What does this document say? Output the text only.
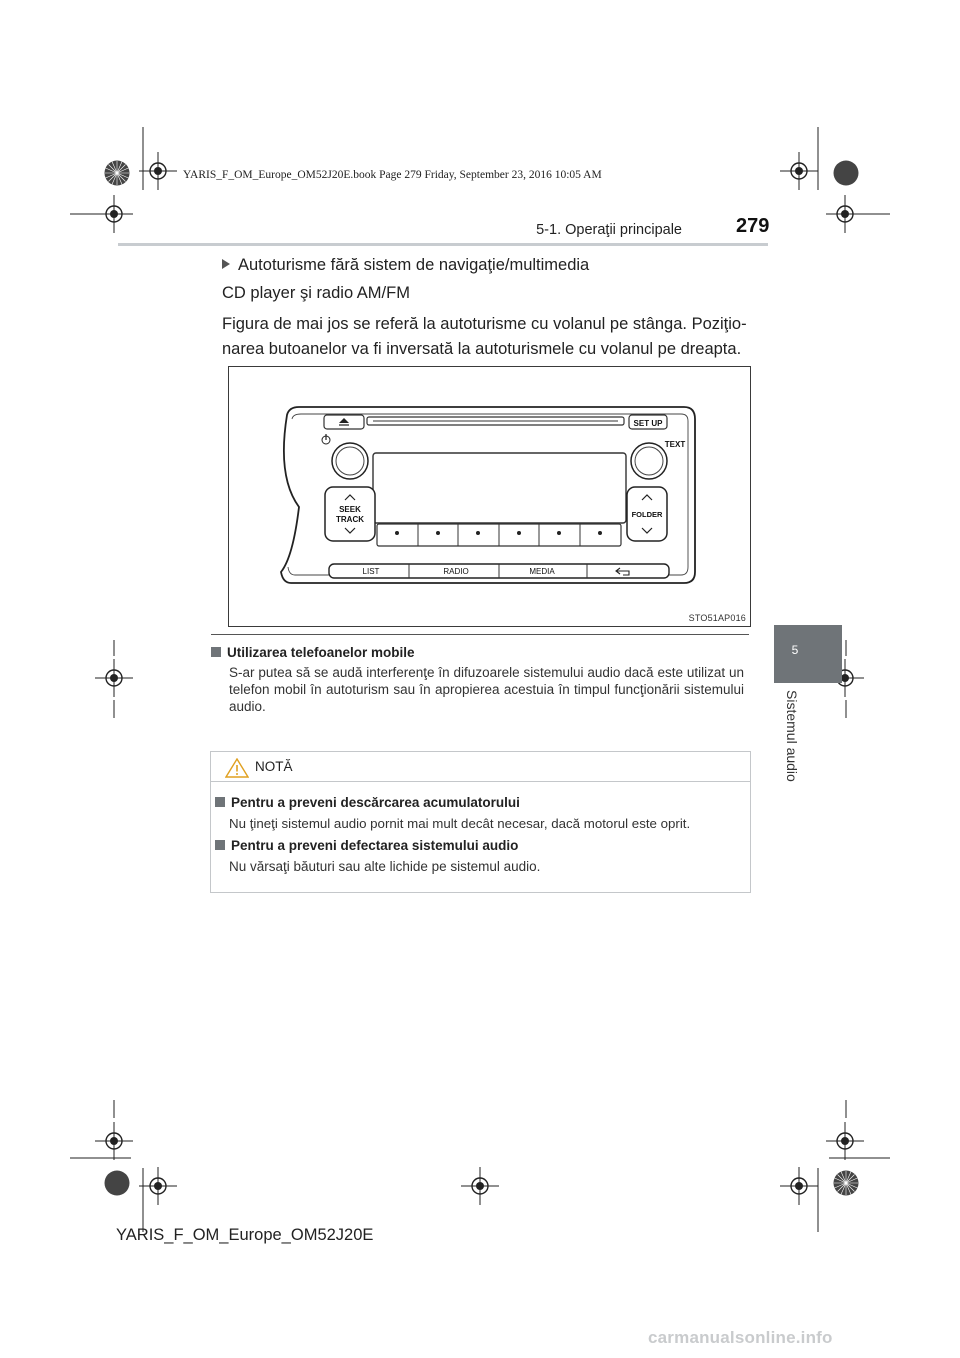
YARIS_F_OM_Europe_OM52J20E.book Page 279 Friday, September 23, 2016 10:05 AM
5-1. Operaţii principale	279
5
Sistemul audio
Autoturisme fără sistem de navigaţie/multimedia
CD player şi radio AM/FM
Figura de mai jos se referă la autoturisme cu volanul pe stânga. Poziţio-narea butoanelor va fi inversată la autoturismele cu volanul pe dreapta.
SET UP
TEXT
SEEK
TRACK
FOLDER
LIST	RADIO	MEDIA
STO51AP016
Utilizarea telefoanelor mobile
S-ar putea să se audă interferenţe în difuzoarele sistemului audio dacă este utilizat un telefon mobil în autoturism sau în apropierea acestuia în timpul funcţionării sistemului audio.
NOTĂ
Pentru a preveni descărcarea acumulatorului
Nu ţineţi sistemul audio pornit mai mult decât necesar, dacă motorul este oprit.
Pentru a preveni defectarea sistemului audio
Nu vărsaţi băuturi sau alte lichide pe sistemul audio.
YARIS_F_OM_Europe_OM52J20E
carmanualsonline.info
